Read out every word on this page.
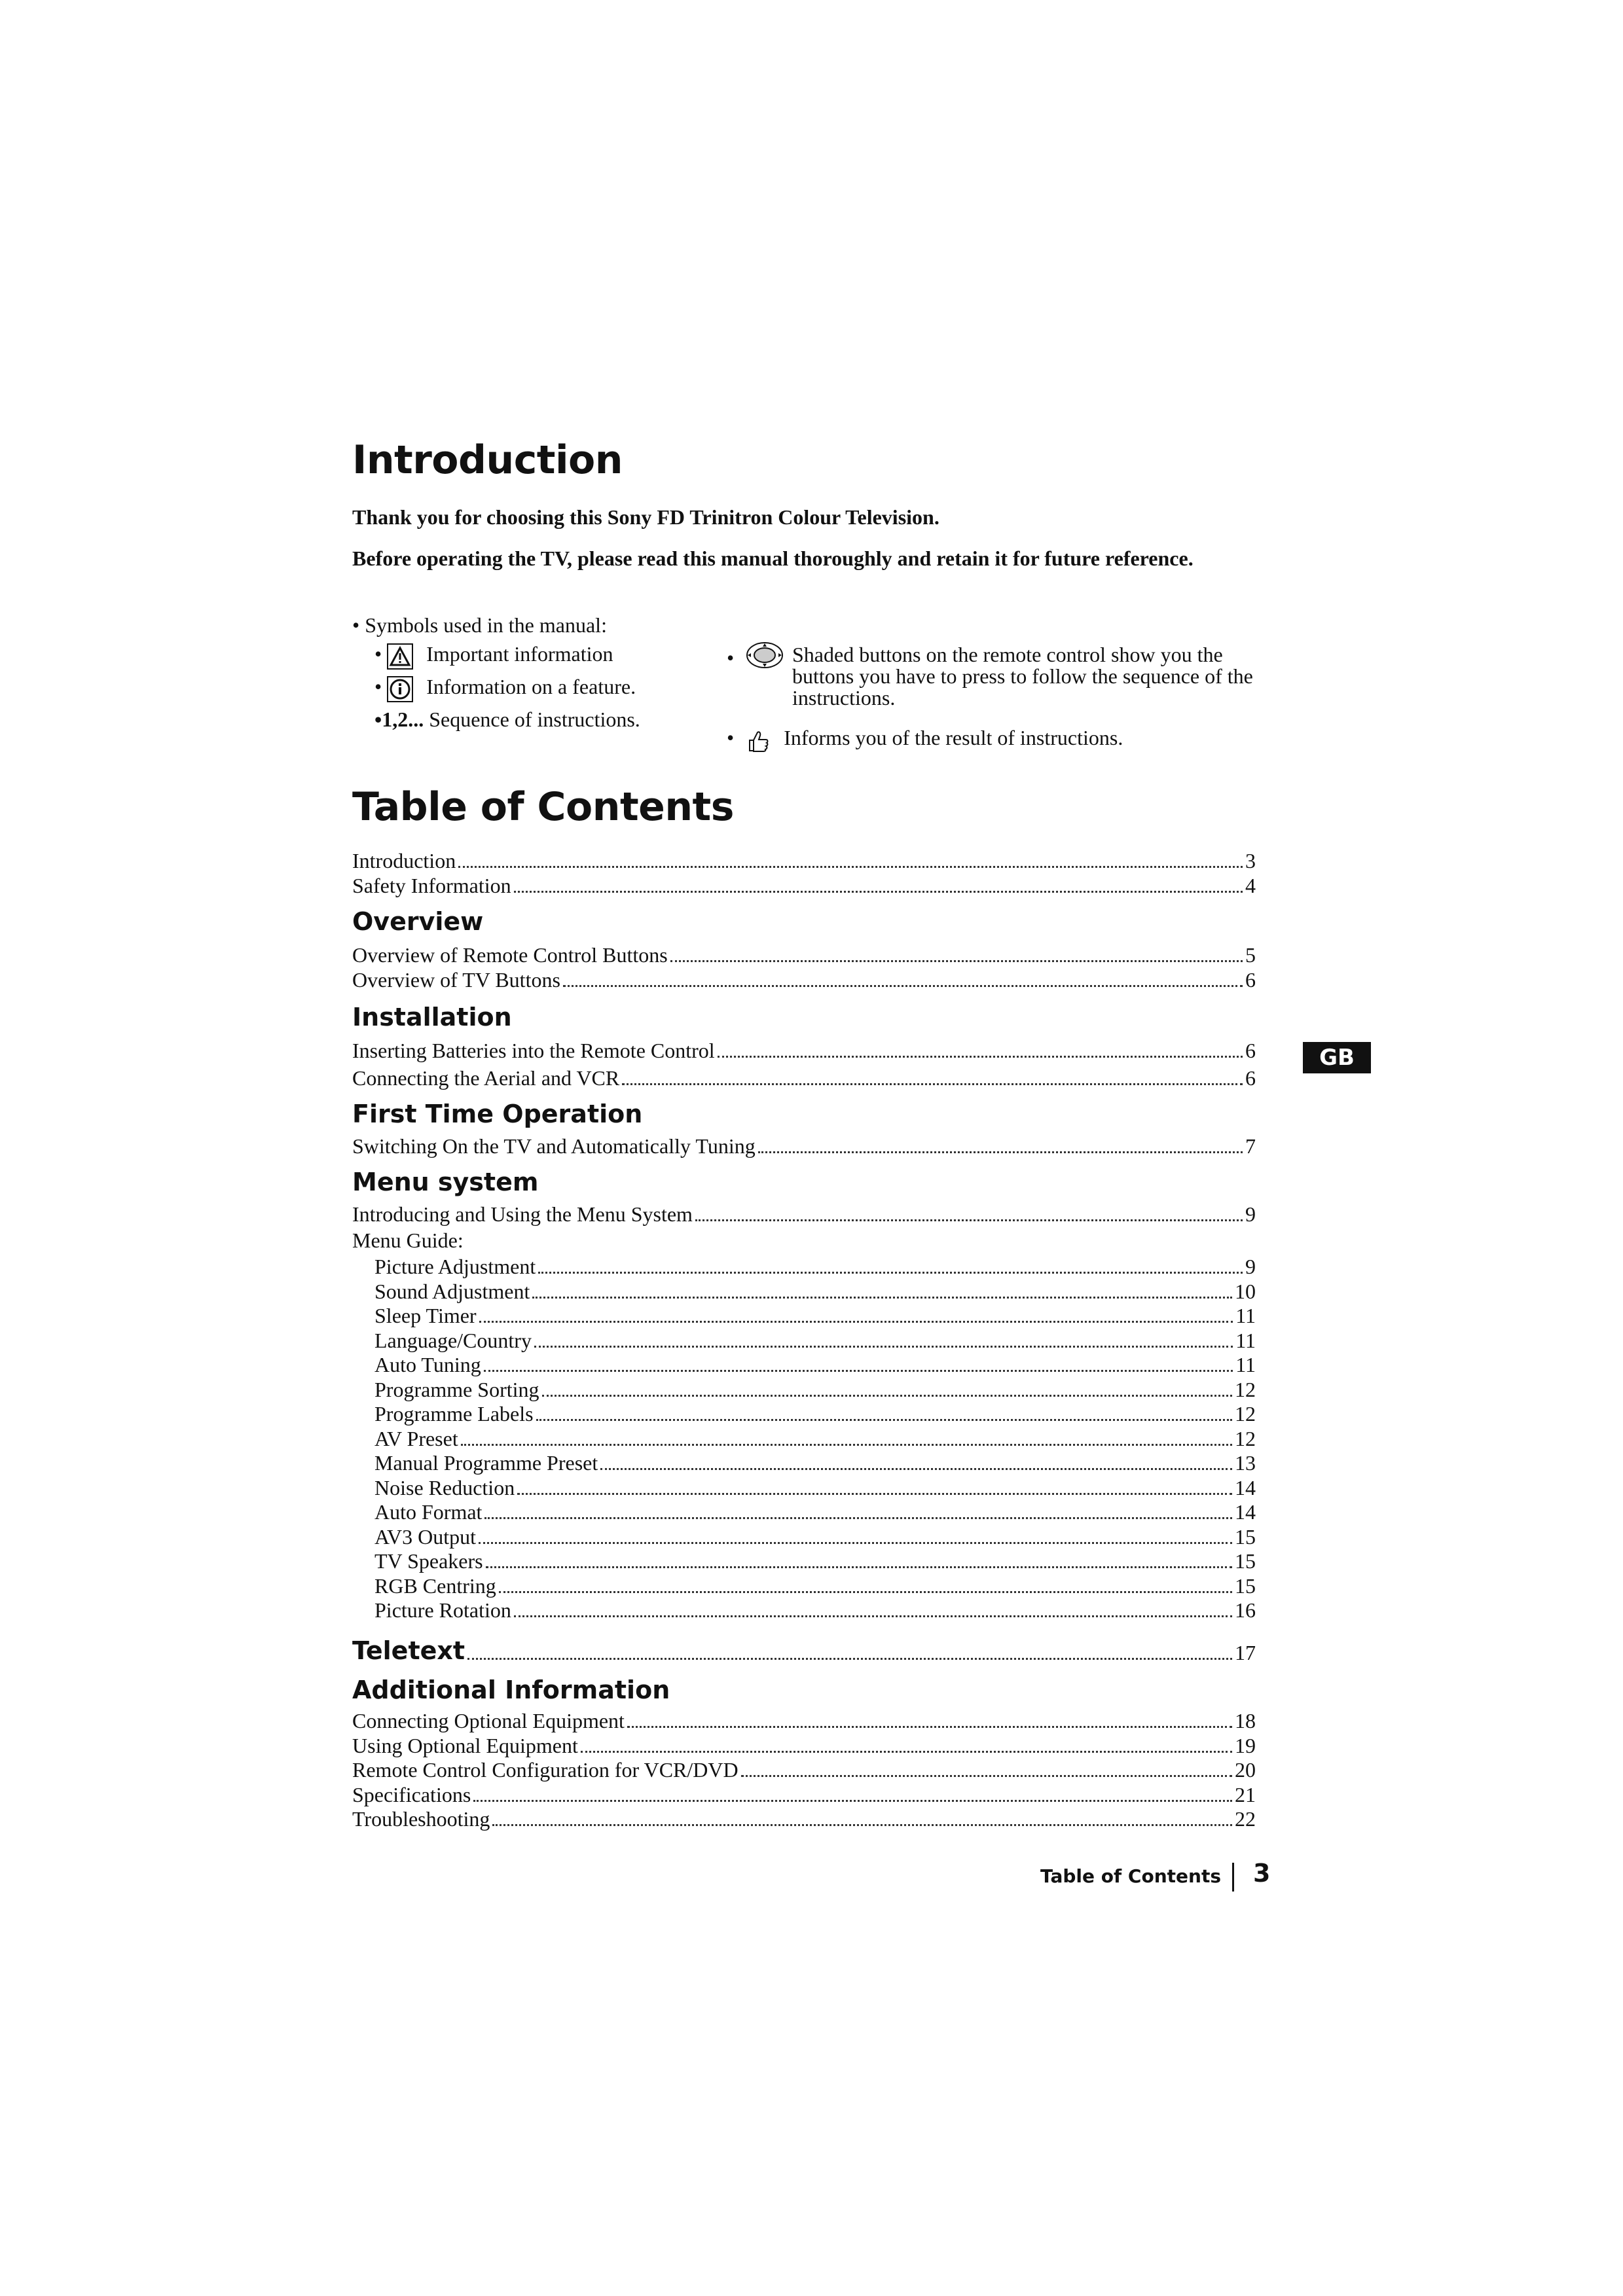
Introduction
Thank you for choosing this Sony FD Trinitron Colour Television.
Before operating the TV, please read this manual thoroughly and retain it for future reference.
• Symbols used in the manual:
• Important information
• Information on a feature.
•1,2... Sequence of instructions.
•	Shaded buttons on the remote control show you the buttons you have to press to follow the sequence of the instructions.
• Informs you of the result of instructions.
Table of Contents
Introduction	3
Safety Information	4
Overview
Overview of Remote Control Buttons	5
Overview of TV Buttons	6
Installation
Inserting Batteries into the Remote Control	6
Connecting the Aerial and VCR	6
First Time Operation
Switching On the TV and Automatically Tuning	7
Menu system
Introducing and Using the Menu System	9
Menu Guide:
Picture Adjustment	9
Sound Adjustment	10
Sleep Timer	11
Language/Country	11
Auto Tuning	11
Programme Sorting	12
Programme Labels	12
AV Preset	12
Manual Programme Preset	13
Noise Reduction	14
Auto Format	14
AV3 Output	15
TV Speakers	15
RGB Centring	15
Picture Rotation	16
Teletext	17
Additional Information
Connecting Optional Equipment	18
Using Optional Equipment	19
Remote Control Configuration for VCR/DVD	20
Specifications	21
Troubleshooting	22
GB
Table of Contents 3
